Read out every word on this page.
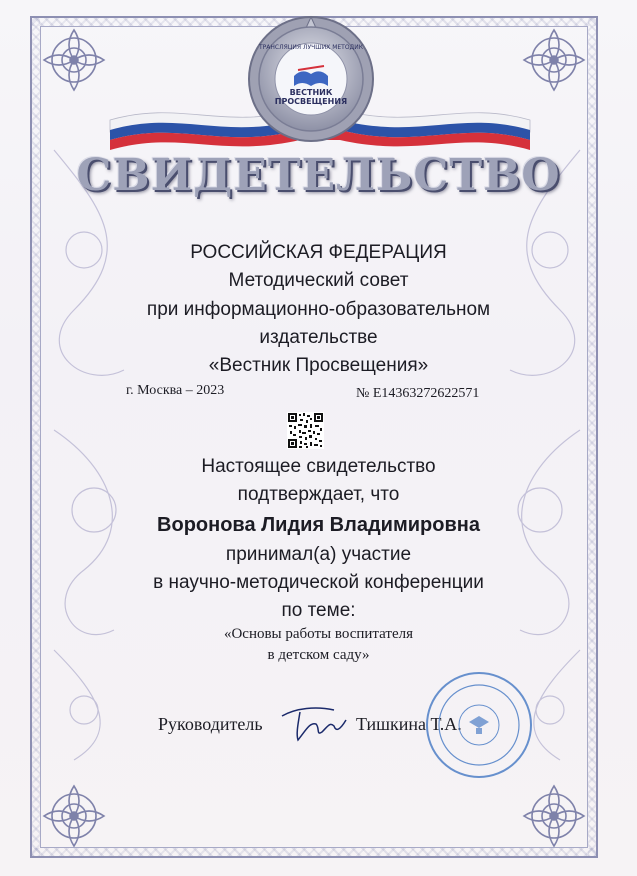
ТРАНСЛЯЦИЯ ЛУЧШИХ МЕТОДИК
ВЕСТНИК
ПРОСВЕЩЕНИЯ
СВИДЕТЕЛЬСТВО
РОССИЙСКАЯ ФЕДЕРАЦИЯ
Методический совет
при информационно-образовательном
издательстве
«Вестник Просвещения»
г. Москва – 2023	№ Е14363272622571
Настоящее свидетельство
подтверждает, что
Воронова Лидия Владимировна
принимал(а) участие
в научно-методической конференции
по теме:
«Основы работы воспитателя
в детском саду»
Руководитель	Тишкина Т.А.
